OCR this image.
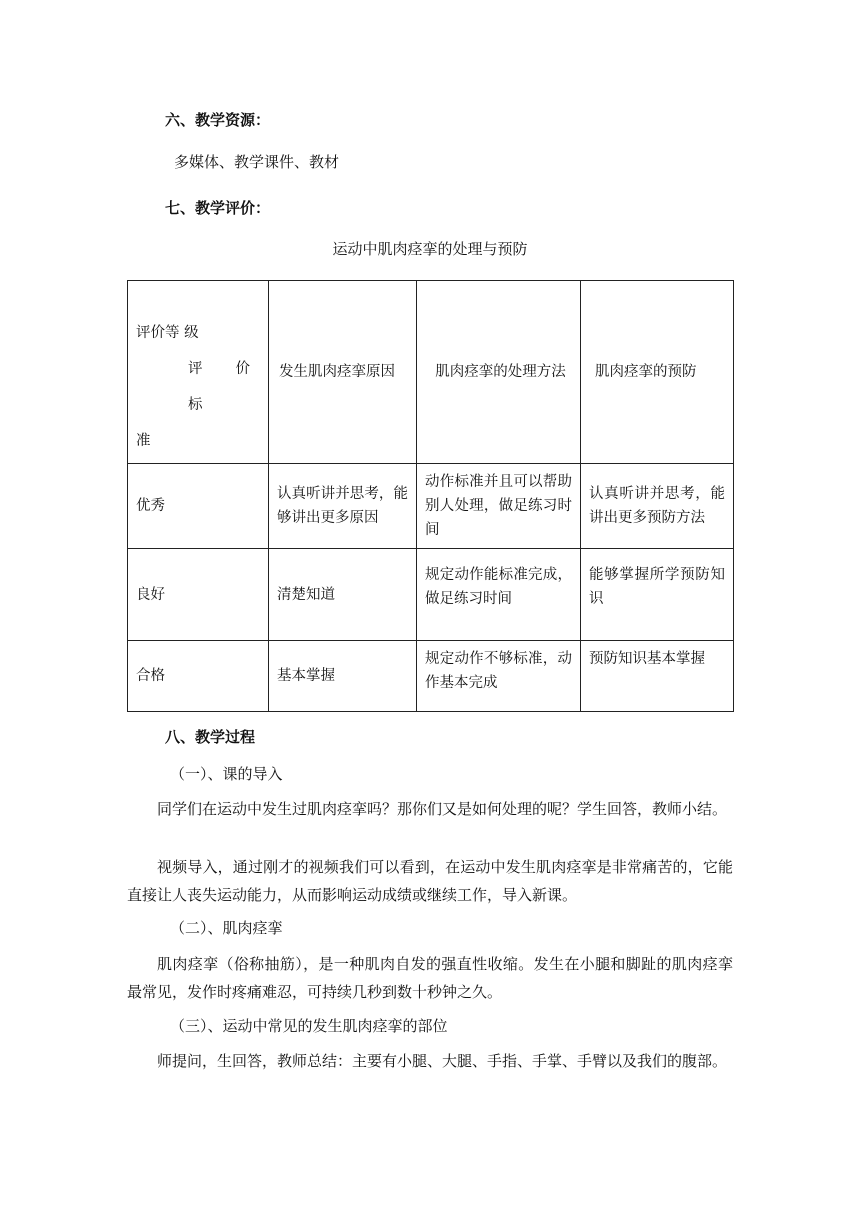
六、教学资源：
多媒体、教学课件、教材
七、教学评价：
运动中肌肉痉挛的处理与预防
评价等 级
评价标
准	发生肌肉痉挛原因	肌肉痉挛的处理方法	肌肉痉挛的预防
优秀	认真听讲并思考，能够讲出更多原因	动作标准并且可以帮助别人处理，做足练习时间	认真听讲并思考，能讲出更多预防方法
良好	清楚知道	规定动作能标准完成，做足练习时间	能够掌握所学预防知识
合格	基本掌握	规定动作不够标准，动作基本完成	预防知识基本掌握
八、教学过程
（一）、课的导入
同学们在运动中发生过肌肉痉挛吗？那你们又是如何处理的呢？学生回答，教师小结。
视频导入，通过刚才的视频我们可以看到，在运动中发生肌肉痉挛是非常痛苦的，它能直接让人丧失运动能力，从而影响运动成绩或继续工作，导入新课。
（二）、肌肉痉挛
肌肉痉挛（俗称抽筋），是一种肌肉自发的强直性收缩。发生在小腿和脚趾的肌肉痉挛最常见，发作时疼痛难忍，可持续几秒到数十秒钟之久。
（三）、运动中常见的发生肌肉痉挛的部位
师提问，生回答，教师总结：主要有小腿、大腿、手指、手掌、手臂以及我们的腹部。
